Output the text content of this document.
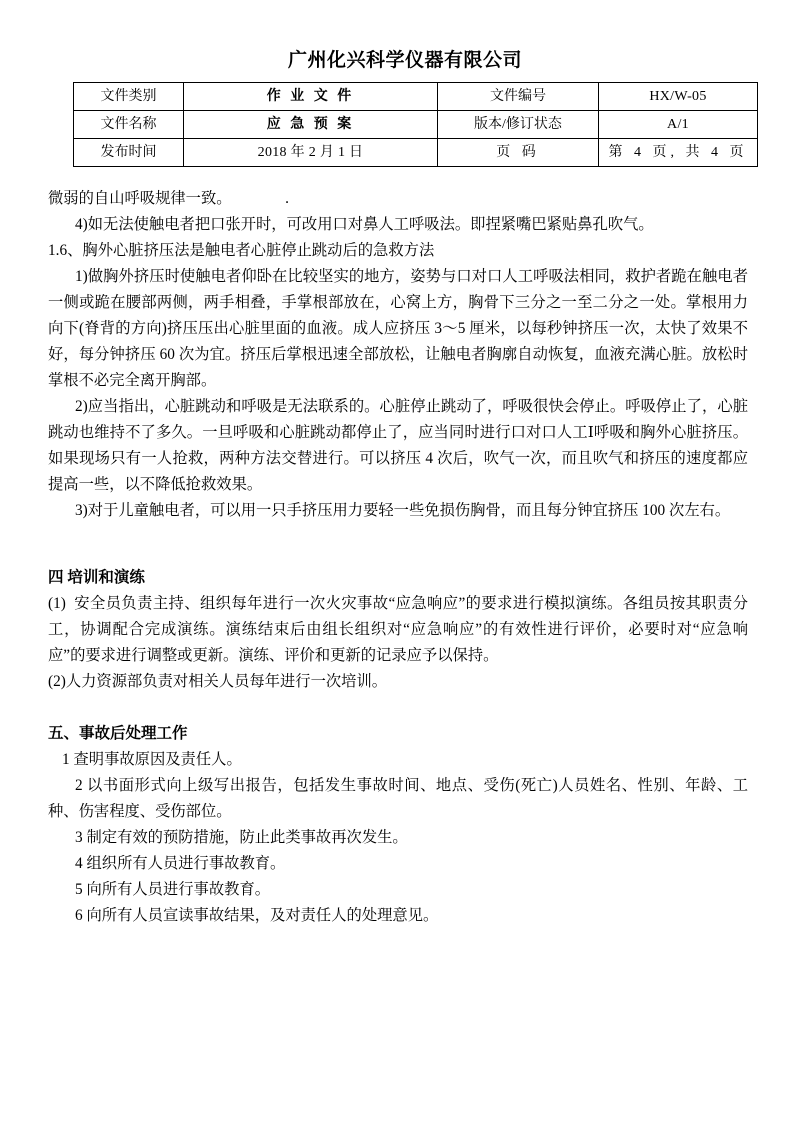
广州化兴科学仪器有限公司
文件类别	作 业 文 件	文件编号	HX/W-05
文件名称	应 急 预 案	版本/修订状态	A/1
发布时间	2018 年 2 月 1 日	页 码	第 4 页, 共 4 页

微弱的自山呼吸规律一致。              .

4)如无法使触电者把口张开时，可改用口对鼻人工呼吸法。即捏紧嘴巴紧贴鼻孔吹气。

1.6、胸外心脏挤压法是触电者心脏停止跳动后的急救方法

1)做胸外挤压时使触电者仰卧在比较坚实的地方，姿势与口对口人工呼吸法相同，救护者跪在触电者一侧或跪在腰部两侧，两手相叠，手掌根部放在，心窝上方，胸骨下三分之一至二分之一处。掌根用力向下(脊背的方向)挤压压出心脏里面的血液。成人应挤压 3～5 厘米，以每秒钟挤压一次，太快了效果不好，每分钟挤压 60 次为宜。挤压后掌根迅速全部放松，让触电者胸廓自动恢复，血液充满心脏。放松时掌根不必完全离开胸部。

2)应当指出，心脏跳动和呼吸是无法联系的。心脏停止跳动了，呼吸很快会停止。呼吸停止了，心脏跳动也维持不了多久。一旦呼吸和心脏跳动都停止了，应当同时进行口对口人工Ⅰ呼吸和胸外心脏挤压。如果现场只有一人抢救，两种方法交替进行。可以挤压 4 次后，吹气一次，而且吹气和挤压的速度都应提高一些，以不降低抢救效果。

3)对于儿童触电者，可以用一只手挤压用力要轻一些免损伤胸骨，而且每分钟宜挤压 100 次左右。

四 培训和演练

(1)  安全员负责主持、组织每年进行一次火灾事故“应急响应”的要求进行模拟演练。各组员按其职责分工，协调配合完成演练。演练结束后由组长组织对“应急响应”的有效性进行评价，必要时对“应急响应”的要求进行调整或更新。演练、评价和更新的记录应予以保持。

(2)人力资源部负责对相关人员每年进行一次培训。

五、事故后处理工作

1 查明事故原因及责任人。

2 以书面形式向上级写出报告，包括发生事故时间、地点、受伤(死亡)人员姓名、性别、年龄、工种、伤害程度、受伤部位。

3 制定有效的预防措施，防止此类事故再次发生。

4 组织所有人员进行事故教育。

5 向所有人员进行事故教育。

6 向所有人员宣读事故结果，及对责任人的处理意见。
